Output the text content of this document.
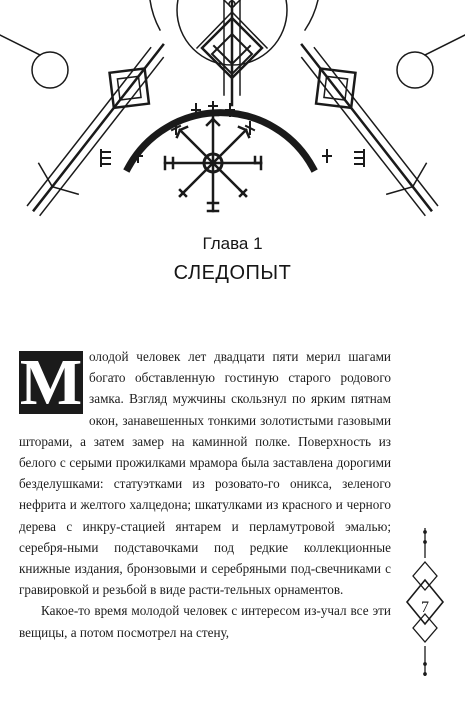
Глава 1
СЛЕДОПЫТ
М олодой человек лет двадцати пяти мерил шагами богато обставленную гостиную старого родового замка. Взгляд мужчины скользнул по ярким пятнам окон, занавешенных тонкими золотистыми газовыми шторами, а затем замер на каминной полке. Поверхность из белого с серыми прожилками мрамора была заставлена дорогими безделушками: статуэтками из розовато-го оникса, зеленого нефрита и желтого халцедона; шкатулками из красного и черного дерева с инкру-стацией янтарем и перламутровой эмалью; серебря-ными подставочками под редкие коллекционные книжные издания, бронзовыми и серебряными под-свечниками с гравировкой и резьбой в виде расти-тельных орнаментов.

Какое-то время молодой человек с интересом из-учал все эти вещицы, а потом посмотрел на стену,

7
